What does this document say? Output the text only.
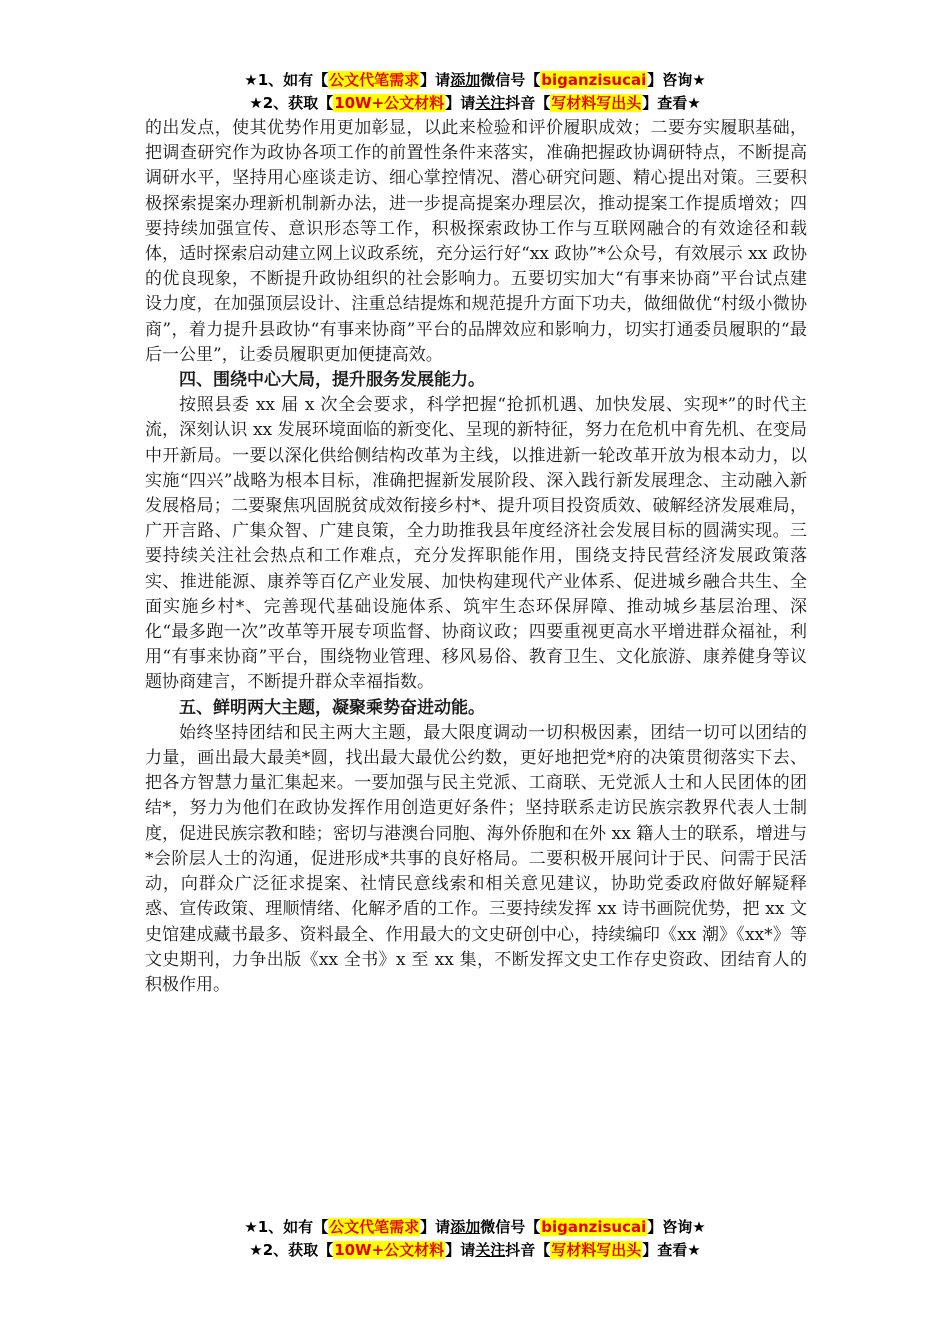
★1、如有【公文代笔需求】请添加微信号【biganzisucai】咨询★
★2、获取【10W+公文材料】请关注抖音【写材料写出头】查看★

的出发点，使其优势作用更加彰显，以此来检验和评价履职成效；二要夯实履职基础，把调查研究作为政协各项工作的前置性条件来落实，准确把握政协调研特点，不断提高调研水平，坚持用心座谈走访、细心掌控情况、潜心研究问题、精心提出对策。三要积极探索提案办理新机制新办法，进一步提高提案办理层次，推动提案工作提质增效；四要持续加强宣传、意识形态等工作，积极探索政协工作与互联网融合的有效途径和载体，适时探索启动建立网上议政系统，充分运行好“xx 政协”*公众号，有效展示 xx 政协的优良现象，不断提升政协组织的社会影响力。五要切实加大“有事来协商”平台试点建设力度，在加强顶层设计、注重总结提炼和规范提升方面下功夫，做细做优“村级小微协商”，着力提升县政协“有事来协商”平台的品牌效应和影响力，切实打通委员履职的“最后一公里”，让委员履职更加便捷高效。

四、围绕中心大局，提升服务发展能力。

按照县委 xx 届 x 次全会要求，科学把握“抢抓机遇、加快发展、实现*”的时代主流，深刻认识 xx 发展环境面临的新变化、呈现的新特征，努力在危机中育先机、在变局中开新局。一要以深化供给侧结构改革为主线，以推进新一轮改革开放为根本动力，以实施“四兴”战略为根本目标，准确把握新发展阶段、深入践行新发展理念、主动融入新发展格局；二要聚焦巩固脱贫成效衔接乡村*、提升项目投资质效、破解经济发展难局，广开言路、广集众智、广建良策，全力助推我县年度经济社会发展目标的圆满实现。三要持续关注社会热点和工作难点，充分发挥职能作用，围绕支持民营经济发展政策落实、推进能源、康养等百亿产业发展、加快构建现代产业体系、促进城乡融合共生、全面实施乡村*、完善现代基础设施体系、筑牢生态环保屏障、推动城乡基层治理、深化“最多跑一次”改革等开展专项监督、协商议政；四要重视更高水平增进群众福祉，利用“有事来协商”平台，围绕物业管理、移风易俗、教育卫生、文化旅游、康养健身等议题协商建言，不断提升群众幸福指数。

五、鲜明两大主题，凝聚乘势奋进动能。

始终坚持团结和民主两大主题，最大限度调动一切积极因素，团结一切可以团结的力量，画出最大最美*圆，找出最大最优公约数，更好地把党*府的决策贯彻落实下去、把各方智慧力量汇集起来。一要加强与民主党派、工商联、无党派人士和人民团体的团结*，努力为他们在政协发挥作用创造更好条件；坚持联系走访民族宗教界代表人士制度，促进民族宗教和睦；密切与港澳台同胞、海外侨胞和在外 xx 籍人士的联系，增进与*会阶层人士的沟通，促进形成*共事的良好格局。二要积极开展问计于民、问需于民活动，向群众广泛征求提案、社情民意线索和相关意见建议，协助党委政府做好解疑释惑、宣传政策、理顺情绪、化解矛盾的工作。三要持续发挥 xx 诗书画院优势，把 xx 文史馆建成藏书最多、资料最全、作用最大的文史研创中心，持续编印《xx 潮》《xx*》等文史期刊，力争出版《xx 全书》x 至 xx 集，不断发挥文史工作存史资政、团结育人的积极作用。

★1、如有【公文代笔需求】请添加微信号【biganzisucai】咨询★
★2、获取【10W+公文材料】请关注抖音【写材料写出头】查看★
